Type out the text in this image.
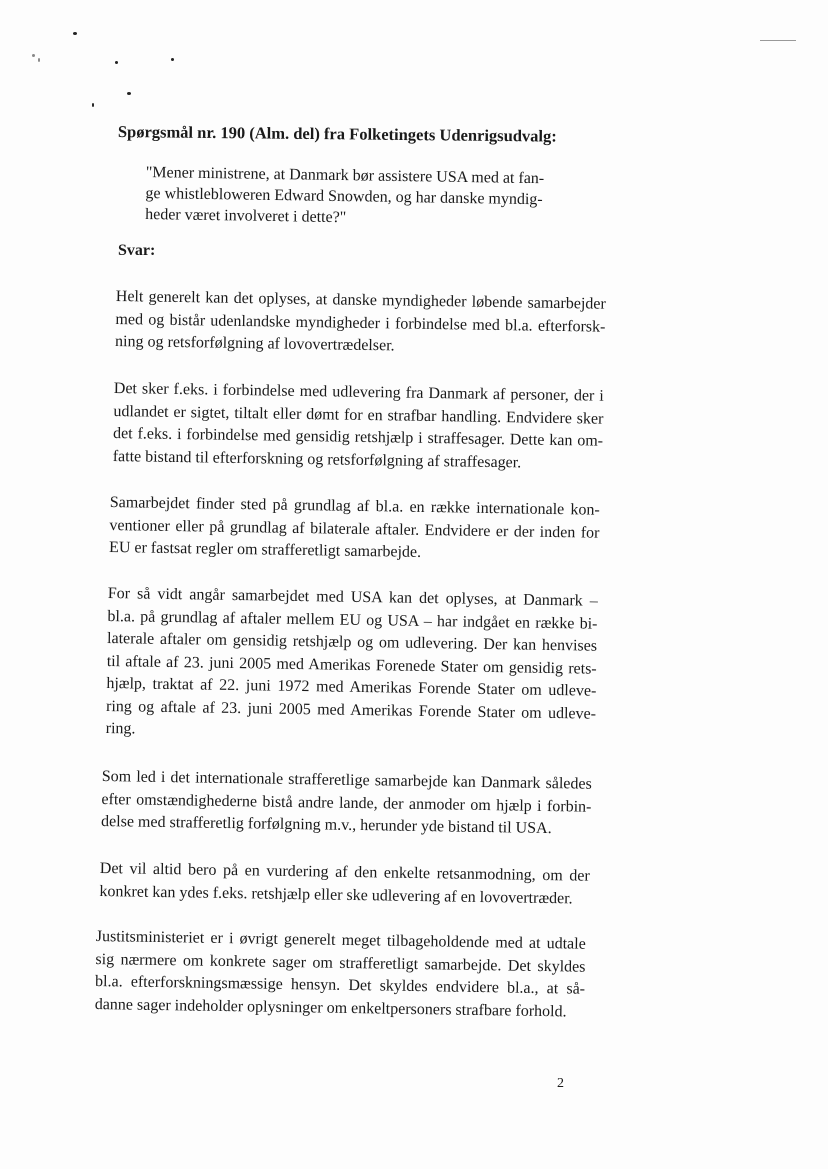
Spørgsmål nr. 190 (Alm. del) fra Folketingets Udenrigsudvalg:
"Mener ministrene, at Danmark bør assistere USA med at fan-
ge whistlebloweren Edward Snowden, og har danske myndig-
heder været involveret i dette?"
Svar:
Helt generelt kan det oplyses, at danske myndigheder løbende samarbejder
med og bistår udenlandske myndigheder i forbindelse med bl.a. efterforsk-
ning og retsforfølgning af lovovertrædelser.
Det sker f.eks. i forbindelse med udlevering fra Danmark af personer, der i
udlandet er sigtet, tiltalt eller dømt for en strafbar handling. Endvidere sker
det f.eks. i forbindelse med gensidig retshjælp i straffesager. Dette kan om-
fatte bistand til efterforskning og retsforfølgning af straffesager.
Samarbejdet finder sted på grundlag af bl.a. en række internationale kon-
ventioner eller på grundlag af bilaterale aftaler. Endvidere er der inden for
EU er fastsat regler om strafferetligt samarbejde.
For så vidt angår samarbejdet med USA kan det oplyses, at Danmark –
bl.a. på grundlag af aftaler mellem EU og USA – har indgået en række bi-
laterale aftaler om gensidig retshjælp og om udlevering. Der kan henvises
til aftale af 23. juni 2005 med Amerikas Forenede Stater om gensidig rets-
hjælp, traktat af 22. juni 1972 med Amerikas Forende Stater om udleve-
ring og aftale af 23. juni 2005 med Amerikas Forende Stater om udleve-
ring.
Som led i det internationale strafferetlige samarbejde kan Danmark således
efter omstændighederne bistå andre lande, der anmoder om hjælp i forbin-
delse med strafferetlig forfølgning m.v., herunder yde bistand til USA.
Det vil altid bero på en vurdering af den enkelte retsanmodning, om der
konkret kan ydes f.eks. retshjælp eller ske udlevering af en lovovertræder.
Justitsministeriet er i øvrigt generelt meget tilbageholdende med at udtale
sig nærmere om konkrete sager om strafferetligt samarbejde. Det skyldes
bl.a. efterforskningsmæssige hensyn. Det skyldes endvidere bl.a., at så-
danne sager indeholder oplysninger om enkeltpersoners strafbare forhold.
2
